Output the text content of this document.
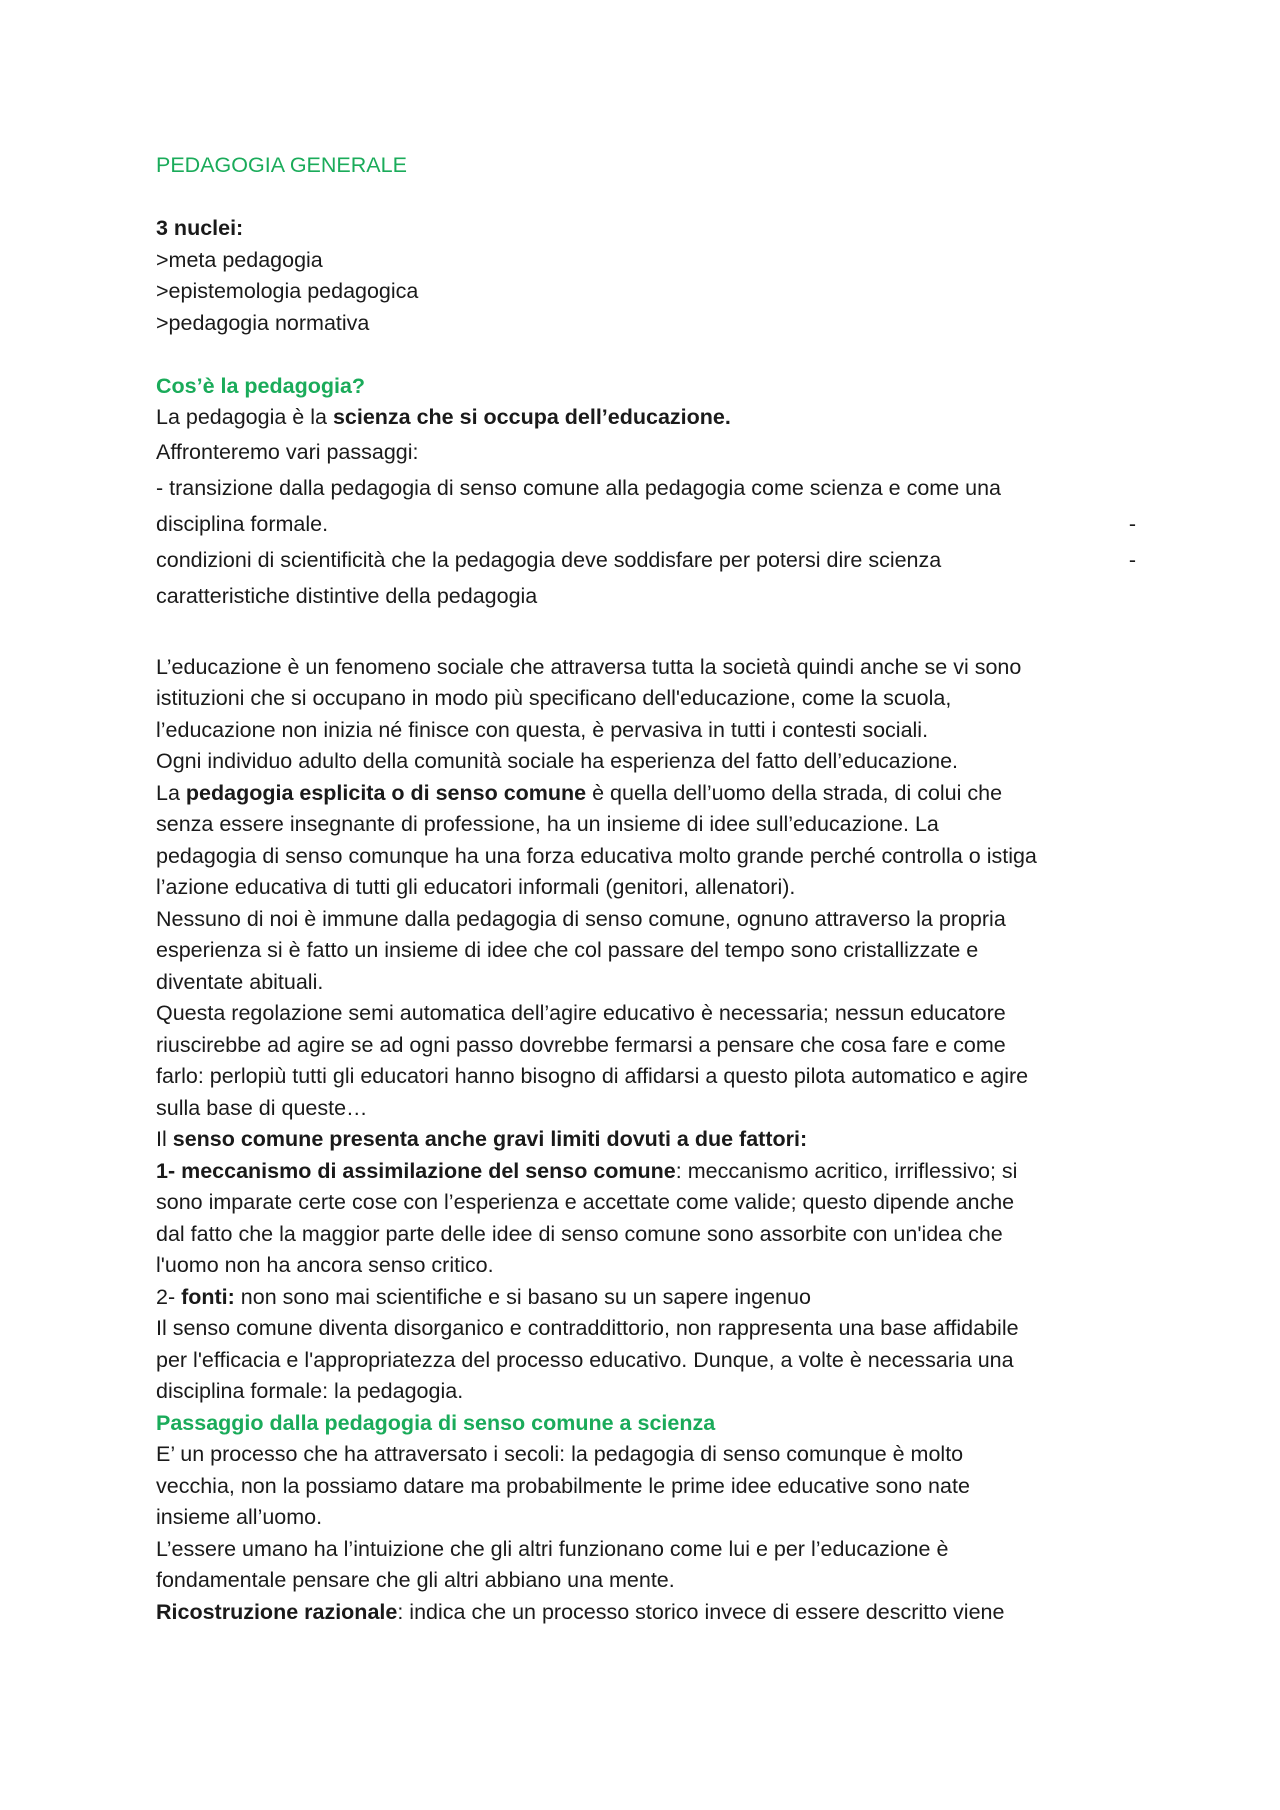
PEDAGOGIA GENERALE

3 nuclei:

>meta pedagogia

>epistemologia pedagogica

>pedagogia normativa

Cos’è la pedagogia?

La pedagogia è la scienza che si occupa dell’educazione.

Affronteremo vari passaggi:

- transizione dalla pedagogia di senso comune alla pedagogia come scienza e come una

disciplina formale.	-

condizioni di scientificità che la pedagogia deve soddisfare per potersi dire scienza	-

caratteristiche distintive della pedagogia

L’educazione è un fenomeno sociale che attraversa tutta la società quindi anche se vi sono

istituzioni che si occupano in modo più specificano dell'educazione, come la scuola,

l’educazione non inizia né finisce con questa, è pervasiva in tutti i contesti sociali.

Ogni individuo adulto della comunità sociale ha esperienza del fatto dell’educazione.

La pedagogia esplicita o di senso comune è quella dell’uomo della strada, di colui che

senza essere insegnante di professione, ha un insieme di idee sull’educazione. La

pedagogia di senso comunque ha una forza educativa molto grande perché controlla o istiga

l’azione educativa di tutti gli educatori informali (genitori, allenatori).

Nessuno di noi è immune dalla pedagogia di senso comune, ognuno attraverso la propria

esperienza si è fatto un insieme di idee che col passare del tempo sono cristallizzate e

diventate abituali.

Questa regolazione semi automatica dell’agire educativo è necessaria; nessun educatore

riuscirebbe ad agire se ad ogni passo dovrebbe fermarsi a pensare che cosa fare e come

farlo: perlopiù tutti gli educatori hanno bisogno di affidarsi a questo pilota automatico e agire

sulla base di queste…

Il senso comune presenta anche gravi limiti dovuti a due fattori:

1- meccanismo di assimilazione del senso comune: meccanismo acritico, irriflessivo; si

sono imparate certe cose con l’esperienza e accettate come valide; questo dipende anche

dal fatto che la maggior parte delle idee di senso comune sono assorbite con un'idea che

l'uomo non ha ancora senso critico.

2- fonti: non sono mai scientifiche e si basano su un sapere ingenuo

Il senso comune diventa disorganico e contraddittorio, non rappresenta una base affidabile

per l'efficacia e l'appropriatezza del processo educativo. Dunque, a volte è necessaria una

disciplina formale: la pedagogia.

Passaggio dalla pedagogia di senso comune a scienza

E’ un processo che ha attraversato i secoli: la pedagogia di senso comunque è molto

vecchia, non la possiamo datare ma probabilmente le prime idee educative sono nate

insieme all’uomo.

L’essere umano ha l’intuizione che gli altri funzionano come lui e per l’educazione è

fondamentale pensare che gli altri abbiano una mente.

Ricostruzione razionale: indica che un processo storico invece di essere descritto viene
